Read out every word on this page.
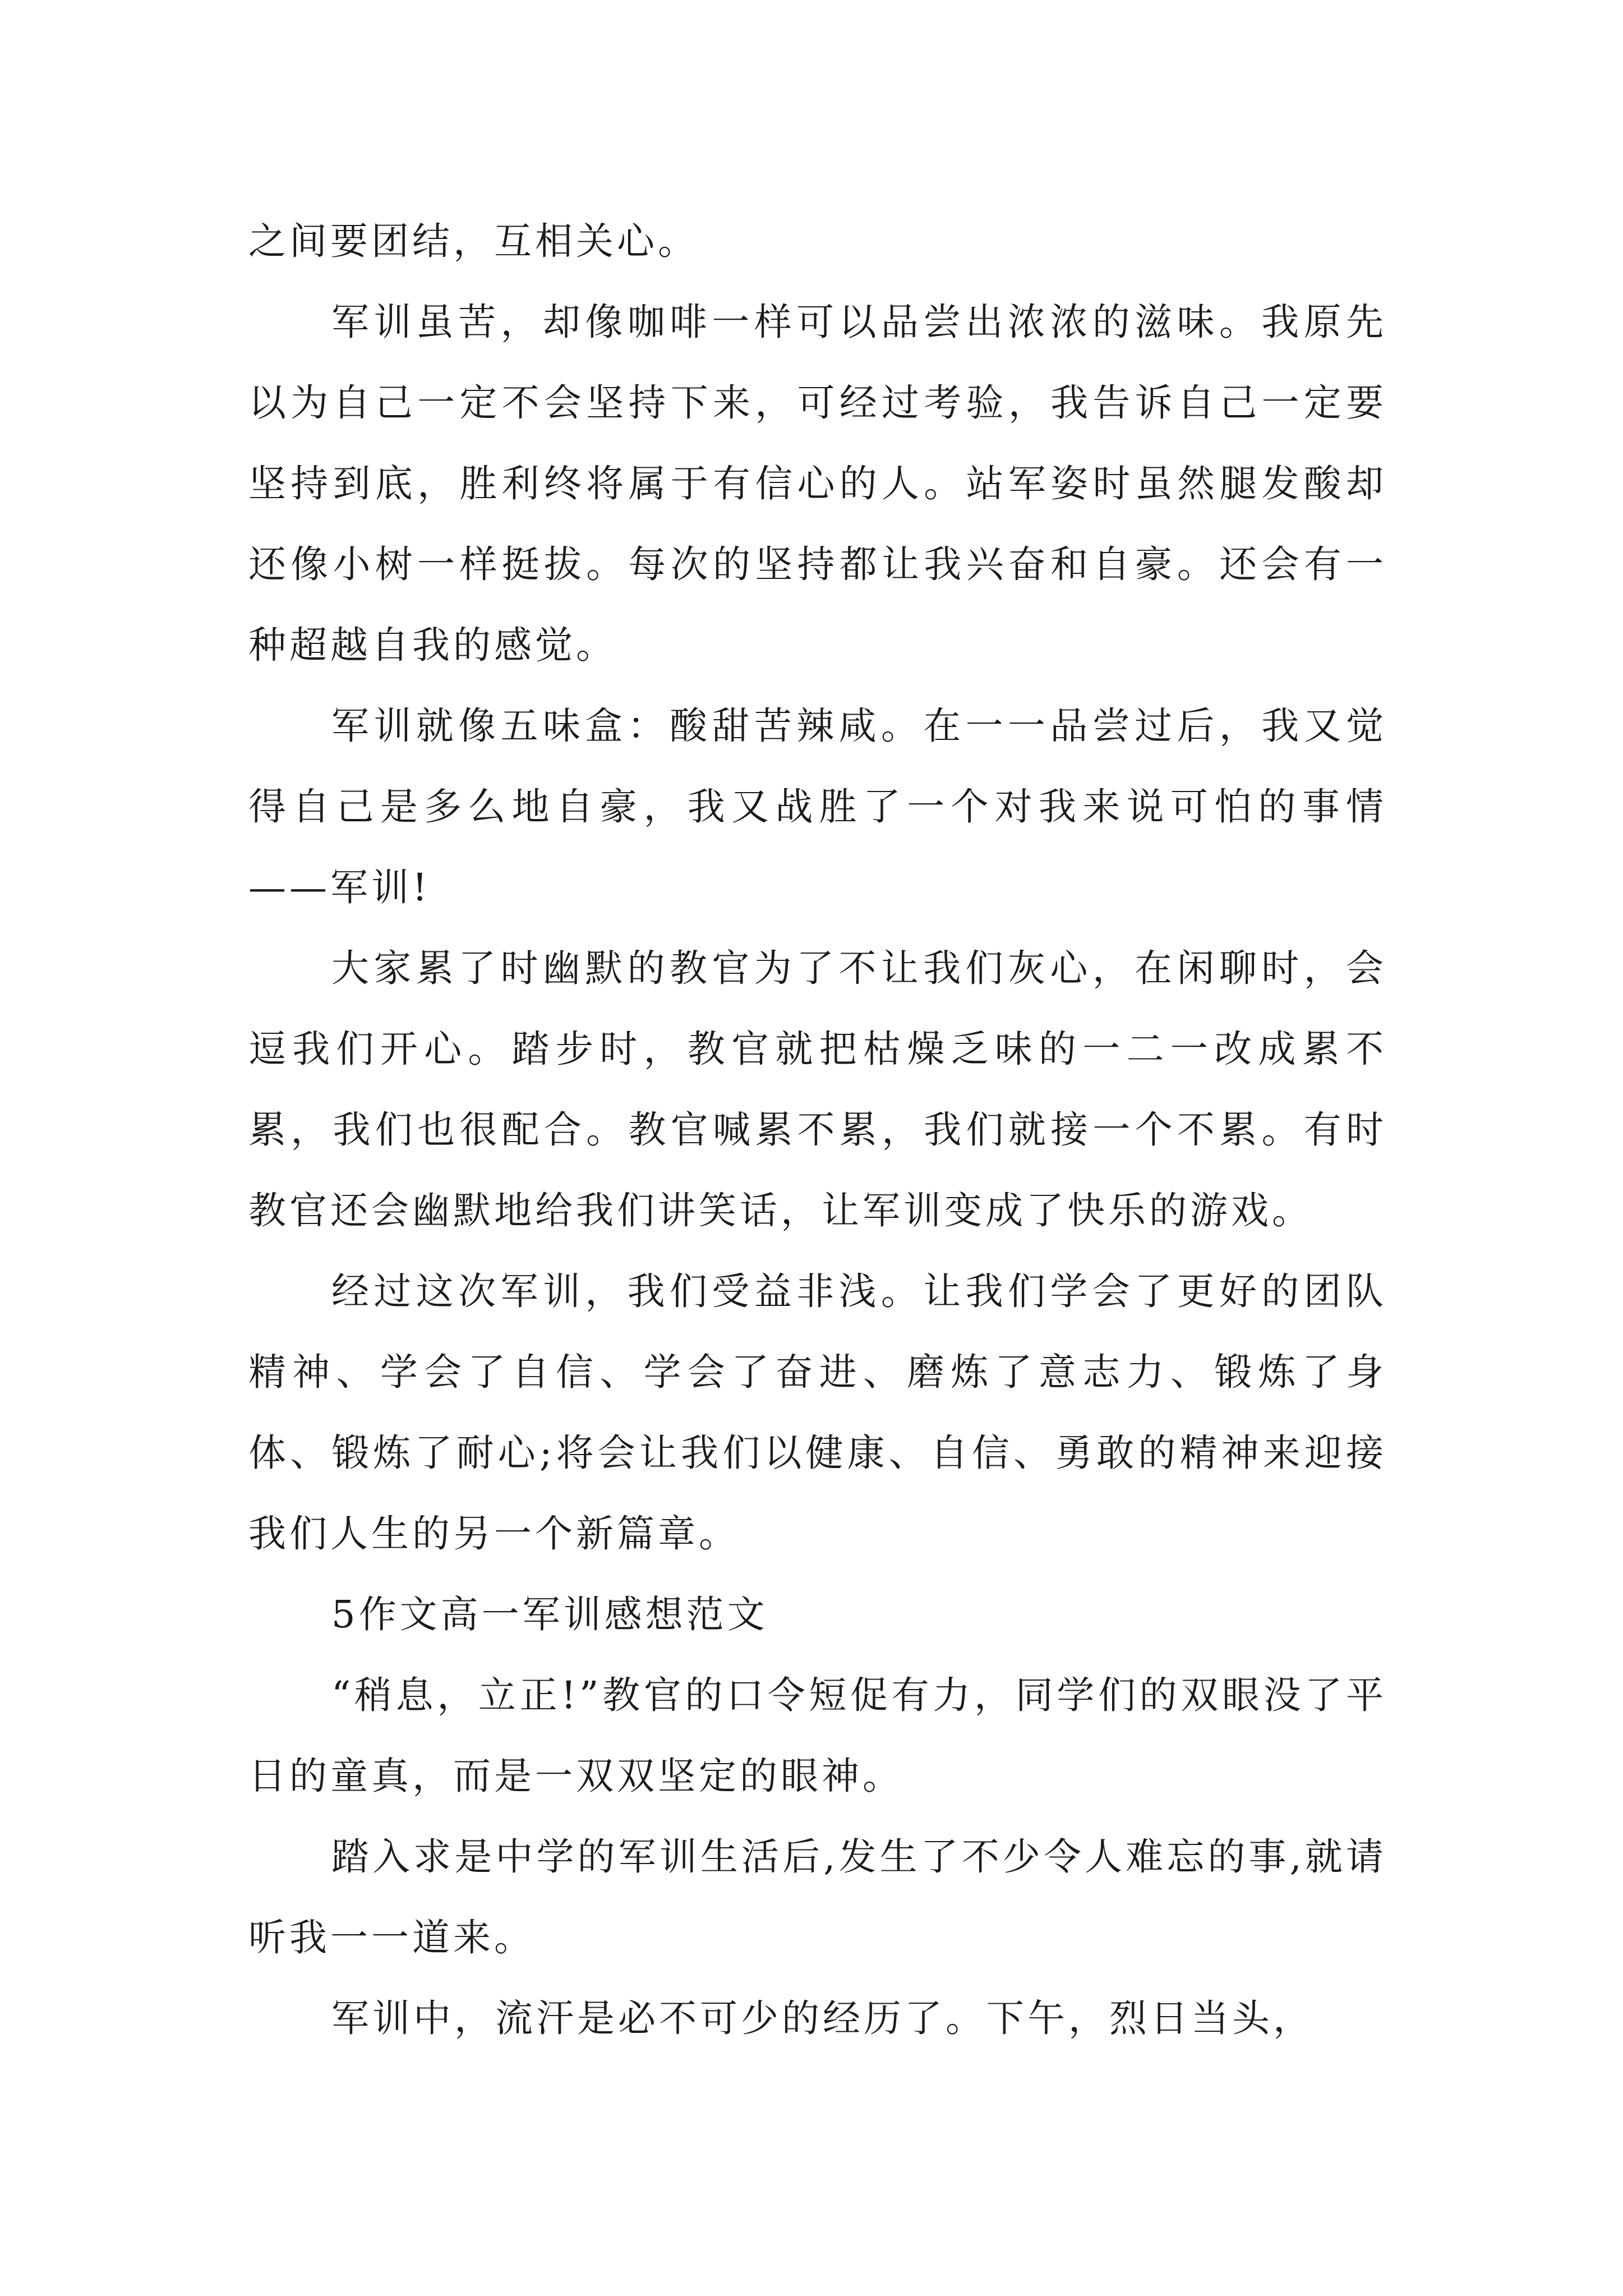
之间要团结，互相关心。

军训虽苦，却像咖啡一样可以品尝出浓浓的滋味。我原先以为自己一定不会坚持下来，可经过考验，我告诉自己一定要坚持到底，胜利终将属于有信心的人。站军姿时虽然腿发酸却还像小树一样挺拔。每次的坚持都让我兴奋和自豪。还会有一种超越自我的感觉。

军训就像五味盒：酸甜苦辣咸。在一一品尝过后，我又觉得自己是多么地自豪，我又战胜了一个对我来说可怕的事情——军训!

大家累了时幽默的教官为了不让我们灰心，在闲聊时，会逗我们开心。踏步时，教官就把枯燥乏味的一二一改成累不累，我们也很配合。教官喊累不累，我们就接一个不累。有时教官还会幽默地给我们讲笑话，让军训变成了快乐的游戏。

经过这次军训，我们受益非浅。让我们学会了更好的团队精神、学会了自信、学会了奋进、磨炼了意志力、锻炼了身体、锻炼了耐心;将会让我们以健康、自信、勇敢的精神来迎接我们人生的另一个新篇章。

5作文高一军训感想范文

“稍息，立正!”教官的口令短促有力，同学们的双眼没了平日的童真，而是一双双坚定的眼神。

踏入求是中学的军训生活后,发生了不少令人难忘的事,就请听我一一道来。

军训中，流汗是必不可少的经历了。下午，烈日当头，
